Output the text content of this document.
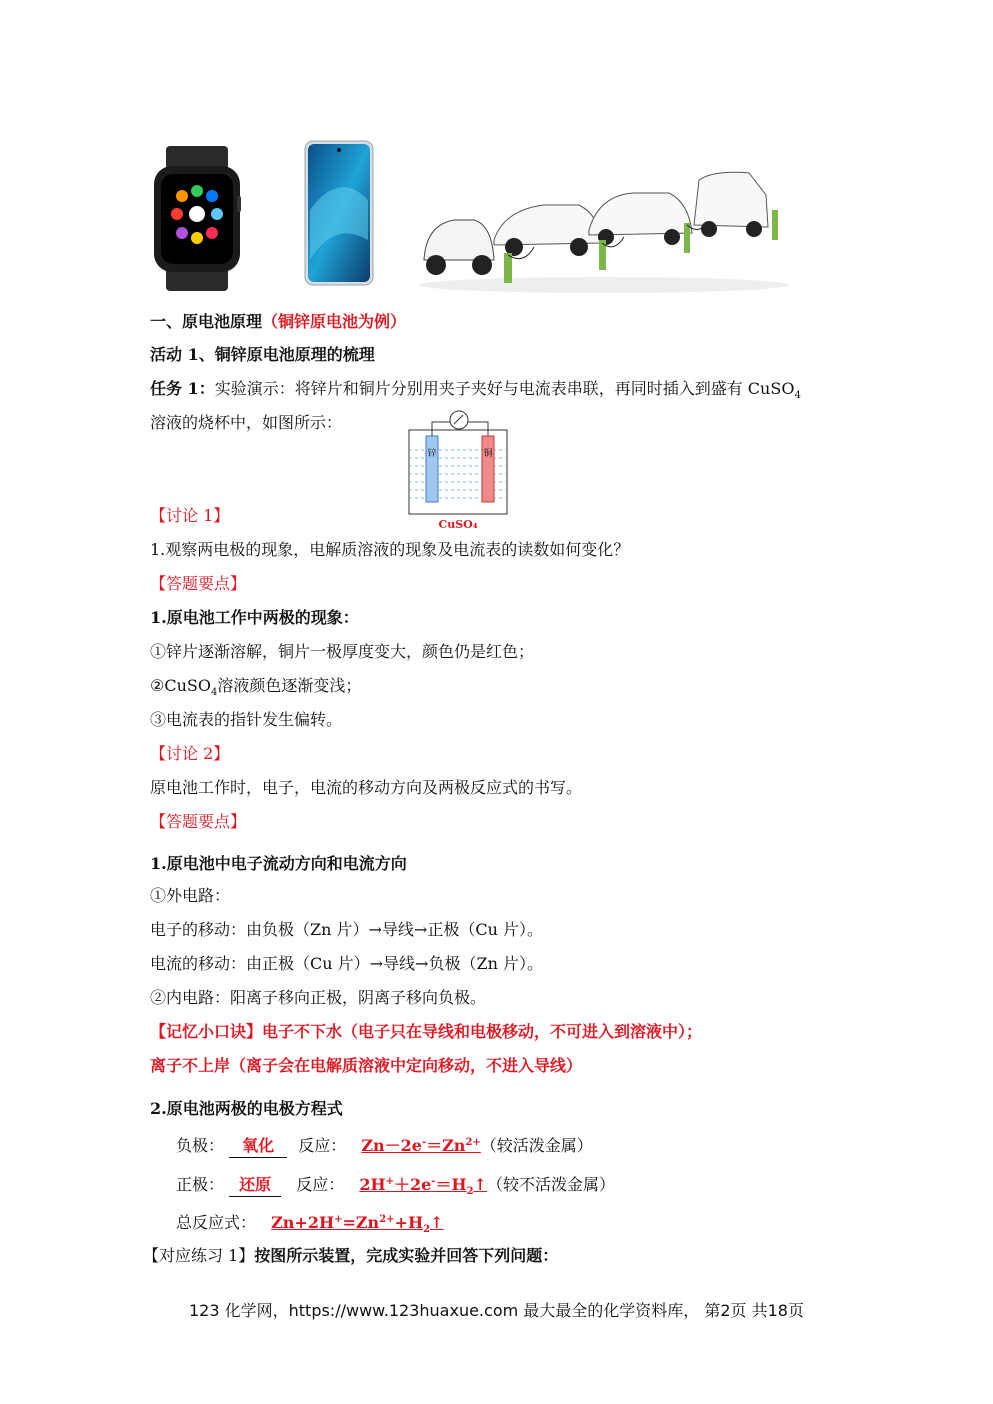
一、原电池原理（铜锌原电池为例）
活动 1、铜锌原电池原理的梳理
任务 1：实验演示：将锌片和铜片分别用夹子夹好与电流表串联，再同时插入到盛有 CuSO$_4$
溶液的烧杯中，如图所示：
锌	铜
CuSO₄
【讨论 1】
1.观察两电极的现象，电解质溶液的现象及电流表的读数如何变化？
【答题要点】
1.原电池工作中两极的现象：
①锌片逐渐溶解，铜片一极厚度变大，颜色仍是红色；
②CuSO$_4$溶液颜色逐渐变浅；
③电流表的指针发生偏转。
【讨论 2】
原电池工作时，电子，电流的移动方向及两极反应式的书写。
【答题要点】
1.原电池中电子流动方向和电流方向
①外电路：
电子的移动：由负极（Zn 片）→导线→正极（Cu 片）。
电流的移动：由正极（Cu 片）→导线→负极（Zn 片）。
②内电路：阳离子移向正极，阴离子移向负极。
【记忆小口诀】电子不下水（电子只在导线和电极移动，不可进入到溶液中）；
离子不上岸（离子会在电解质溶液中定向移动，不进入导线）
2.原电池两极的电极方程式
负极： 氧化 反应： $Zn-2e^-=Zn^{2+}$（较活泼金属）
正极： 还原 反应： $2H^++2e^-=H_2↑$（较不活泼金属）
总反应式： $Zn+2H^+=Zn^{2+}+H_2↑$
【对应练习 1】按图所示装置，完成实验并回答下列问题：
123 化学网，https://www.123huaxue.com 最大最全的化学资料库， 第2页 共18页
